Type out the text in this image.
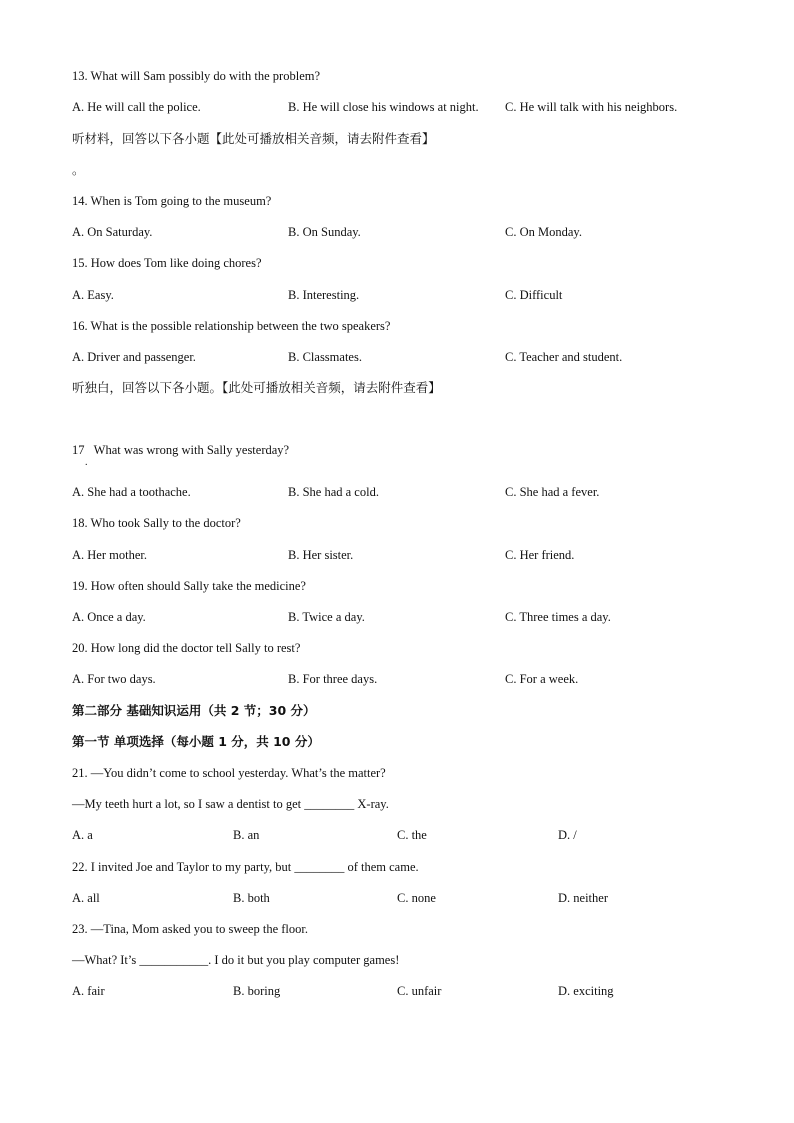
13. What will Sam possibly do with the problem?
A. He will call the police.	B. He will close his windows at night. C. He will talk with his neighbors.
听材料，回答以下各小题【此处可播放相关音频，请去附件查看】
。
14. When is Tom going to the museum?
A. On Saturday.	B. On Sunday.	C. On Monday.
15. How does Tom like doing chores?
A. Easy.	B. Interesting.	C. Difficult
16. What is the possible relationship between the two speakers?
A. Driver and passenger.	B. Classmates.	C. Teacher and student.
听独白，回答以下各小题。【此处可播放相关音频，请去附件查看】
17   What was wrong with Sally yesterday?
.
A. She had a toothache.	B. She had a cold.	C. She had a fever.
18. Who took Sally to the doctor?
A. Her mother.	B. Her sister.	C. Her friend.
19. How often should Sally take the medicine?
A. Once a day.	B. Twice a day.	C. Three times a day.
20. How long did the doctor tell Sally to rest?
A. For two days.	B. For three days.	C. For a week.
第二部分 基础知识运用（共 2 节；30 分）
第一节 单项选择（每小题 1 分，共 10 分）
21. —You didn’t come to school yesterday. What’s the matter?
—My teeth hurt a lot, so I saw a dentist to get ________ X-ray.
A. a	B. an	C. the	D. /
22. I invited Joe and Taylor to my party, but ________ of them came.
A. all	B. both	C. none	D. neither
23. —Tina, Mom asked you to sweep the floor.
—What? It’s ___________. I do it but you play computer games!
A. fair	B. boring	C. unfair	D. exciting
